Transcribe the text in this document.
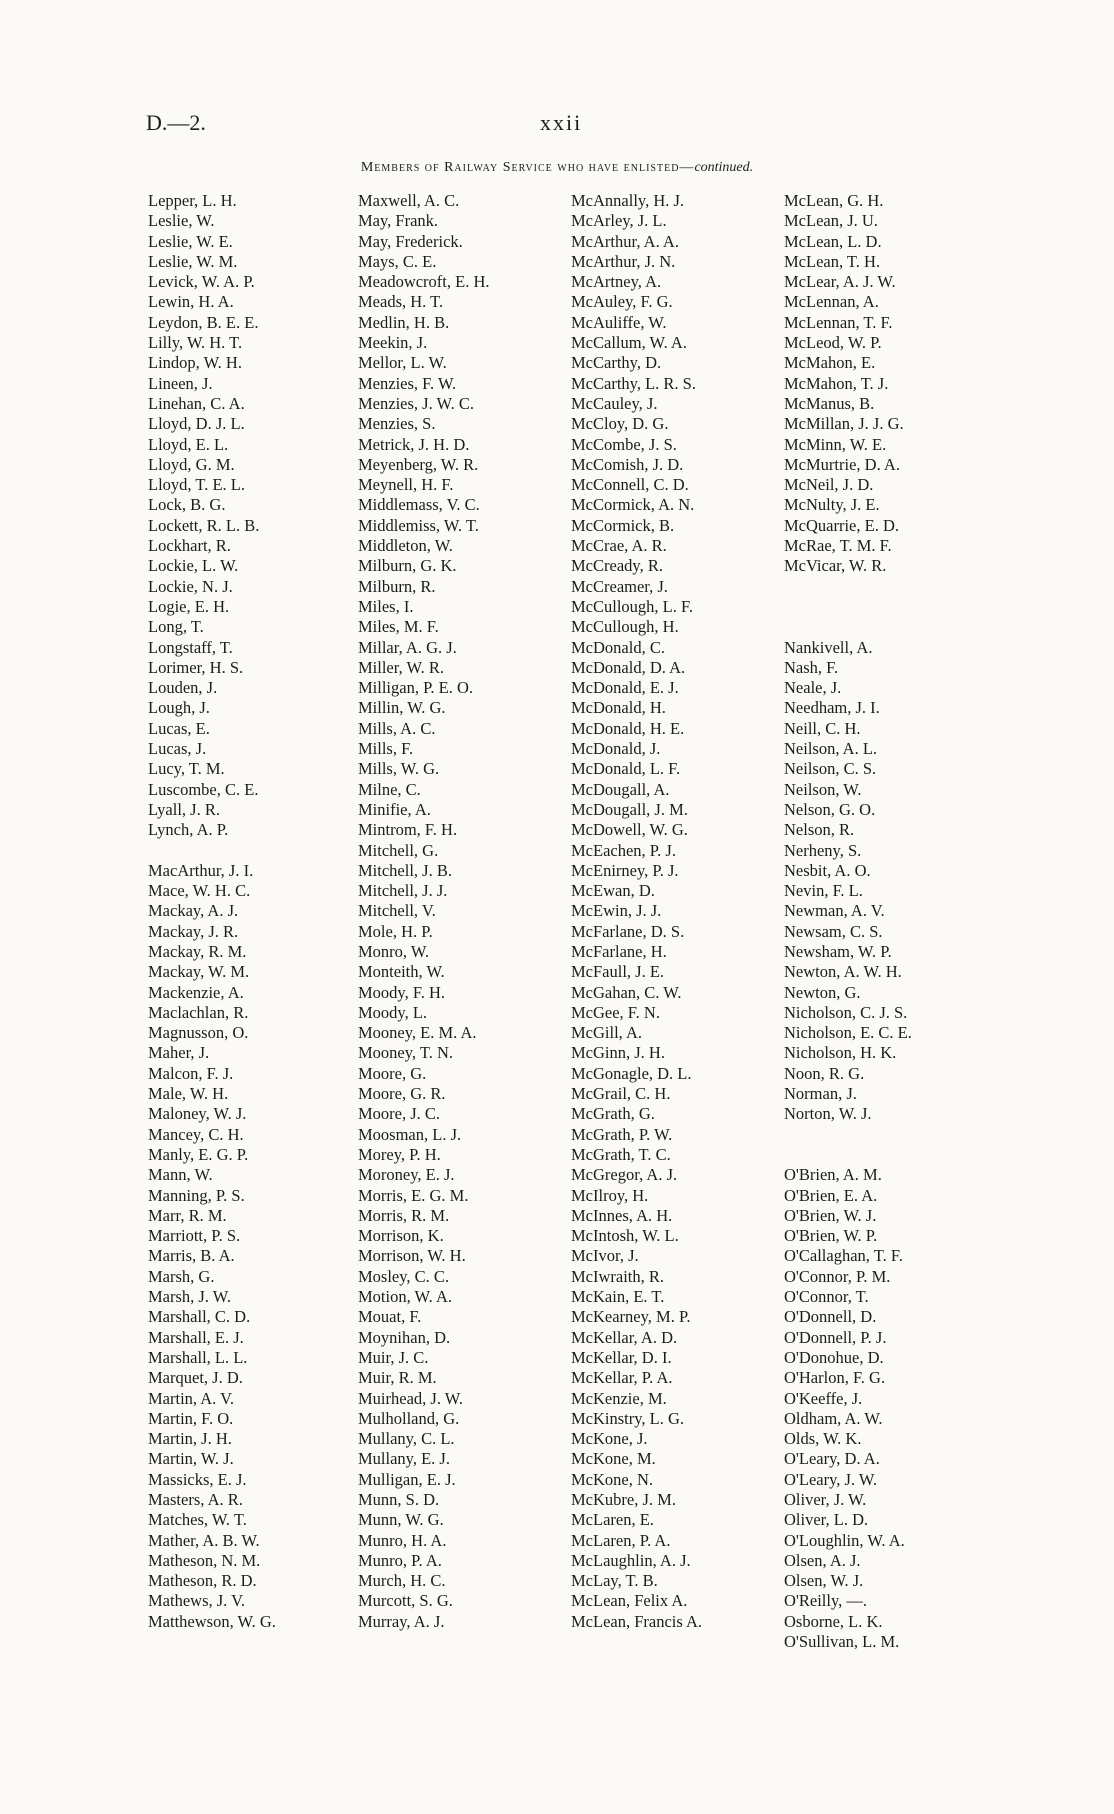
D.—2.	xxii
Members of Railway Service who have enlisted—continued.
Lepper, L. H.
Leslie, W.
Leslie, W. E.
Leslie, W. M.
Levick, W. A. P.
Lewin, H. A.
Leydon, B. E. E.
Lilly, W. H. T.
Lindop, W. H.
Lineen, J.
Linehan, C. A.
Lloyd, D. J. L.
Lloyd, E. L.
Lloyd, G. M.
Lloyd, T. E. L.
Lock, B. G.
Lockett, R. L. B.
Lockhart, R.
Lockie, L. W.
Lockie, N. J.
Logie, E. H.
Long, T.
Longstaff, T.
Lorimer, H. S.
Louden, J.
Lough, J.
Lucas, E.
Lucas, J.
Lucy, T. M.
Luscombe, C. E.
Lyall, J. R.
Lynch, A. P.
MacArthur, J. I.
Mace, W. H. C.
Mackay, A. J.
Mackay, J. R.
Mackay, R. M.
Mackay, W. M.
Mackenzie, A.
Maclachlan, R.
Magnusson, O.
Maher, J.
Malcon, F. J.
Male, W. H.
Maloney, W. J.
Mancey, C. H.
Manly, E. G. P.
Mann, W.
Manning, P. S.
Marr, R. M.
Marriott, P. S.
Marris, B. A.
Marsh, G.
Marsh, J. W.
Marshall, C. D.
Marshall, E. J.
Marshall, L. L.
Marquet, J. D.
Martin, A. V.
Martin, F. O.
Martin, J. H.
Martin, W. J.
Massicks, E. J.
Masters, A. R.
Matches, W. T.
Mather, A. B. W.
Matheson, N. M.
Matheson, R. D.
Mathews, J. V.
Matthewson, W. G.
Maxwell, A. C.
May, Frank.
May, Frederick.
Mays, C. E.
Meadowcroft, E. H.
Meads, H. T.
Medlin, H. B.
Meekin, J.
Mellor, L. W.
Menzies, F. W.
Menzies, J. W. C.
Menzies, S.
Metrick, J. H. D.
Meyenberg, W. R.
Meynell, H. F.
Middlemass, V. C.
Middlemiss, W. T.
Middleton, W.
Milburn, G. K.
Milburn, R.
Miles, I.
Miles, M. F.
Millar, A. G. J.
Miller, W. R.
Milligan, P. E. O.
Millin, W. G.
Mills, A. C.
Mills, F.
Mills, W. G.
Milne, C.
Minifie, A.
Mintrom, F. H.
Mitchell, G.
Mitchell, J. B.
Mitchell, J. J.
Mitchell, V.
Mole, H. P.
Monro, W.
Monteith, W.
Moody, F. H.
Moody, L.
Mooney, E. M. A.
Mooney, T. N.
Moore, G.
Moore, G. R.
Moore, J. C.
Moosman, L. J.
Morey, P. H.
Moroney, E. J.
Morris, E. G. M.
Morris, R. M.
Morrison, K.
Morrison, W. H.
Mosley, C. C.
Motion, W. A.
Mouat, F.
Moynihan, D.
Muir, J. C.
Muir, R. M.
Muirhead, J. W.
Mulholland, G.
Mullany, C. L.
Mullany, E. J.
Mulligan, E. J.
Munn, S. D.
Munn, W. G.
Munro, H. A.
Munro, P. A.
Murch, H. C.
Murcott, S. G.
Murray, A. J.
McAnnally, H. J.
McArley, J. L.
McArthur, A. A.
McArthur, J. N.
McArtney, A.
McAuley, F. G.
McAuliffe, W.
McCallum, W. A.
McCarthy, D.
McCarthy, L. R. S.
McCauley, J.
McCloy, D. G.
McCombe, J. S.
McComish, J. D.
McConnell, C. D.
McCormick, A. N.
McCormick, B.
McCrae, A. R.
McCready, R.
McCreamer, J.
McCullough, L. F.
McCullough, H.
McDonald, C.
McDonald, D. A.
McDonald, E. J.
McDonald, H.
McDonald, H. E.
McDonald, J.
McDonald, L. F.
McDougall, A.
McDougall, J. M.
McDowell, W. G.
McEachen, P. J.
McEnirney, P. J.
McEwan, D.
McEwin, J. J.
McFarlane, D. S.
McFarlane, H.
McFaull, J. E.
McGahan, C. W.
McGee, F. N.
McGill, A.
McGinn, J. H.
McGonagle, D. L.
McGrail, C. H.
McGrath, G.
McGrath, P. W.
McGrath, T. C.
McGregor, A. J.
McIlroy, H.
McInnes, A. H.
McIntosh, W. L.
McIvor, J.
McIwraith, R.
McKain, E. T.
McKearney, M. P.
McKellar, A. D.
McKellar, D. I.
McKellar, P. A.
McKenzie, M.
McKinstry, L. G.
McKone, J.
McKone, M.
McKone, N.
McKubre, J. M.
McLaren, E.
McLaren, P. A.
McLaughlin, A. J.
McLay, T. B.
McLean, Felix A.
McLean, Francis A.
McLean, G. H.
McLean, J. U.
McLean, L. D.
McLean, T. H.
McLear, A. J. W.
McLennan, A.
McLennan, T. F.
McLeod, W. P.
McMahon, E.
McMahon, T. J.
McManus, B.
McMillan, J. J. G.
McMinn, W. E.
McMurtrie, D. A.
McNeil, J. D.
McNulty, J. E.
McQuarrie, E. D.
McRae, T. M. F.
McVicar, W. R.
Nankivell, A.
Nash, F.
Neale, J.
Needham, J. I.
Neill, C. H.
Neilson, A. L.
Neilson, C. S.
Neilson, W.
Nelson, G. O.
Nelson, R.
Nerheny, S.
Nesbit, A. O.
Nevin, F. L.
Newman, A. V.
Newsam, C. S.
Newsham, W. P.
Newton, A. W. H.
Newton, G.
Nicholson, C. J. S.
Nicholson, E. C. E.
Nicholson, H. K.
Noon, R. G.
Norman, J.
Norton, W. J.
O'Brien, A. M.
O'Brien, E. A.
O'Brien, W. J.
O'Brien, W. P.
O'Callaghan, T. F.
O'Connor, P. M.
O'Connor, T.
O'Donnell, D.
O'Donnell, P. J.
O'Donohue, D.
O'Harlon, F. G.
O'Keeffe, J.
Oldham, A. W.
Olds, W. K.
O'Leary, D. A.
O'Leary, J. W.
Oliver, J. W.
Oliver, L. D.
O'Loughlin, W. A.
Olsen, A. J.
Olsen, W. J.
O'Reilly, —.
Osborne, L. K.
O'Sullivan, L. M.
